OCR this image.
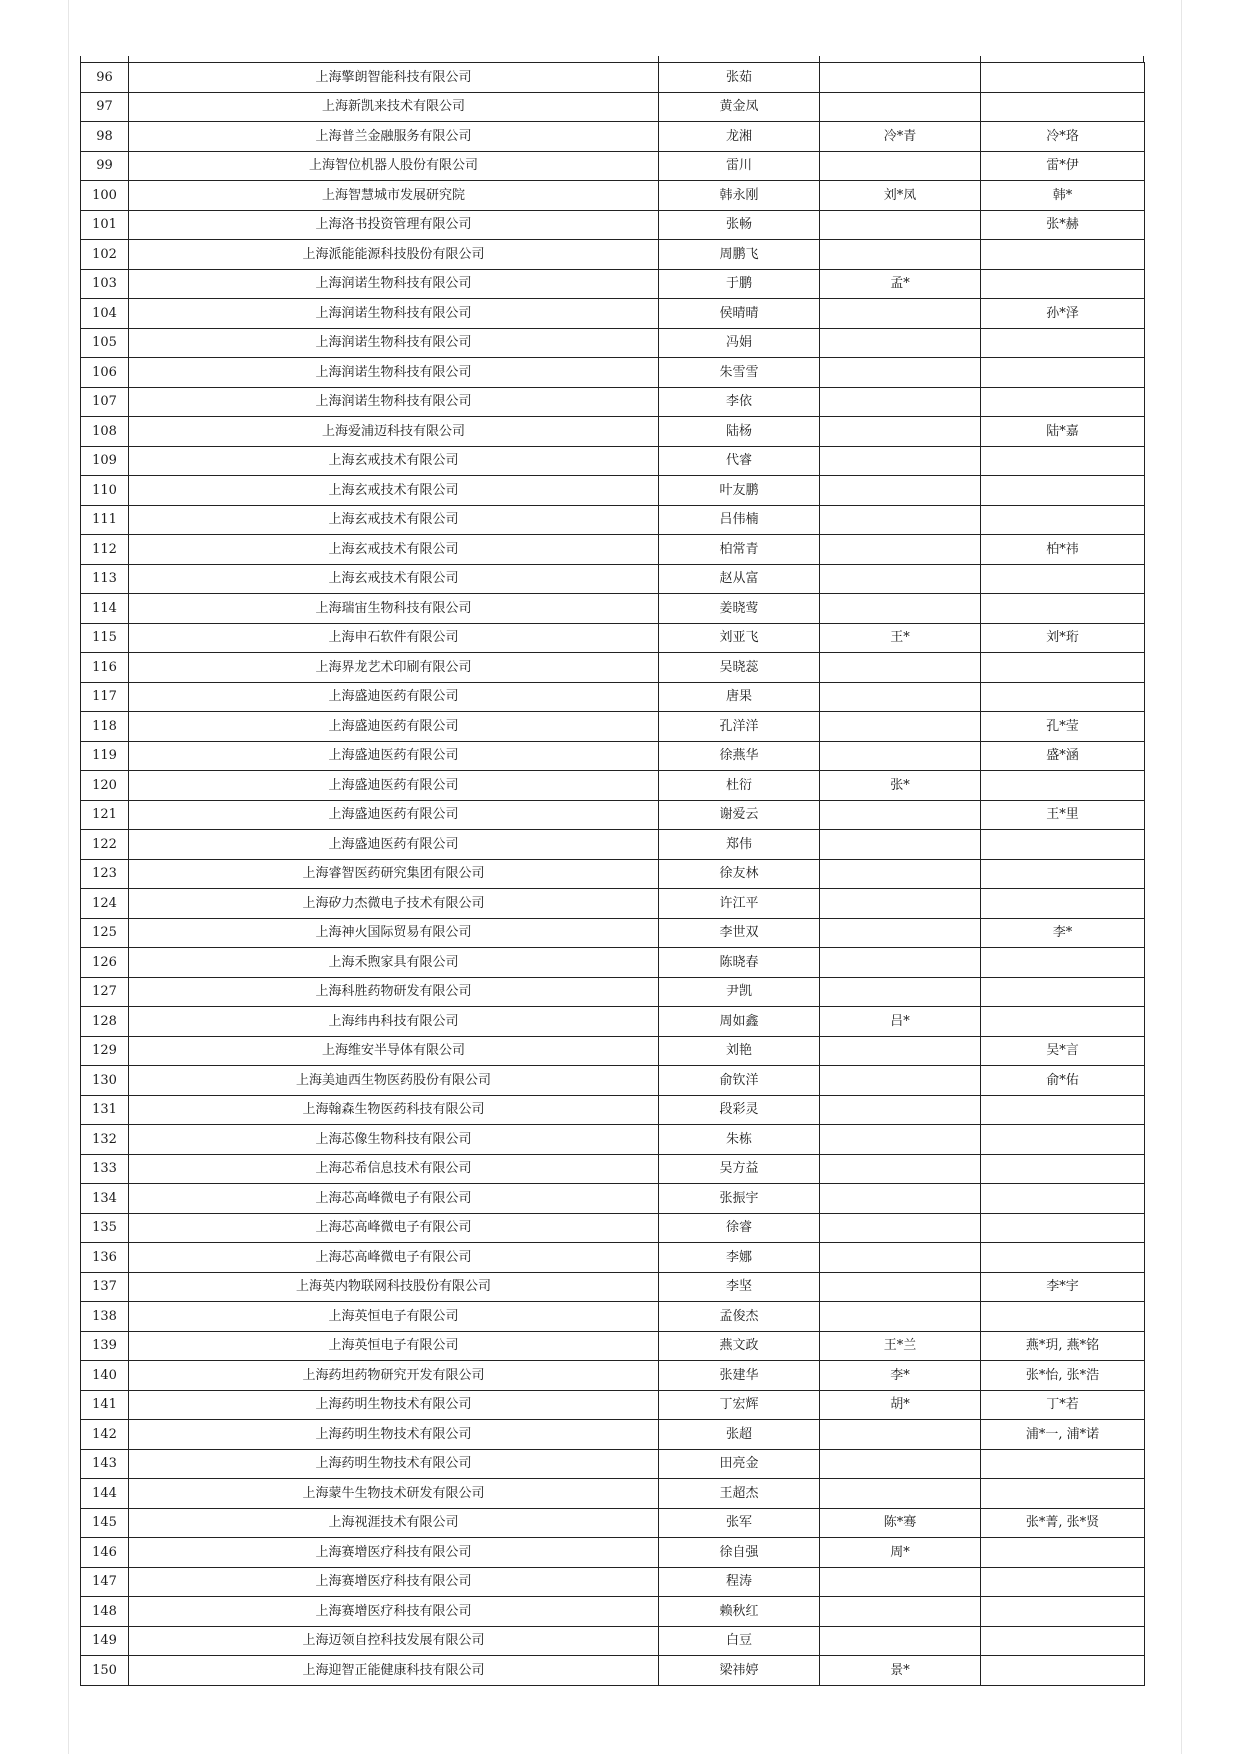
96	上海擎朗智能科技有限公司	张茹		
97	上海新凯来技术有限公司	黄金凤		
98	上海普兰金融服务有限公司	龙湘	冷*青	冷*珞
99	上海智位机器人股份有限公司	雷川		雷*伊
100	上海智慧城市发展研究院	韩永刚	刘*凤	韩*
101	上海洛书投资管理有限公司	张畅		张*赫
102	上海派能能源科技股份有限公司	周鹏飞		
103	上海润诺生物科技有限公司	于鹏	孟*	
104	上海润诺生物科技有限公司	侯晴晴		孙*泽
105	上海润诺生物科技有限公司	冯娟		
106	上海润诺生物科技有限公司	朱雪雪		
107	上海润诺生物科技有限公司	李依		
108	上海爱浦迈科技有限公司	陆杨		陆*嘉
109	上海玄戒技术有限公司	代睿		
110	上海玄戒技术有限公司	叶友鹏		
111	上海玄戒技术有限公司	吕伟楠		
112	上海玄戒技术有限公司	柏常青		柏*祎
113	上海玄戒技术有限公司	赵从富		
114	上海瑞宙生物科技有限公司	姜晓莺		
115	上海申石软件有限公司	刘亚飞	王*	刘*珩
116	上海界龙艺术印刷有限公司	吴晓蕊		
117	上海盛迪医药有限公司	唐果		
118	上海盛迪医药有限公司	孔洋洋		孔*莹
119	上海盛迪医药有限公司	徐燕华		盛*涵
120	上海盛迪医药有限公司	杜衍	张*	
121	上海盛迪医药有限公司	谢爱云		王*里
122	上海盛迪医药有限公司	郑伟		
123	上海睿智医药研究集团有限公司	徐友林		
124	上海矽力杰微电子技术有限公司	许江平		
125	上海神火国际贸易有限公司	李世双		李*
126	上海禾煦家具有限公司	陈晓春		
127	上海科胜药物研发有限公司	尹凯		
128	上海纬冉科技有限公司	周如鑫	吕*	
129	上海维安半导体有限公司	刘艳		吴*言
130	上海美迪西生物医药股份有限公司	俞钦洋		俞*佑
131	上海翰森生物医药科技有限公司	段彩灵		
132	上海芯像生物科技有限公司	朱栋		
133	上海芯希信息技术有限公司	吴方益		
134	上海芯高峰微电子有限公司	张振宇		
135	上海芯高峰微电子有限公司	徐睿		
136	上海芯高峰微电子有限公司	李娜		
137	上海英内物联网科技股份有限公司	李坚		李*宇
138	上海英恒电子有限公司	孟俊杰		
139	上海英恒电子有限公司	燕文政	王*兰	燕*玥, 燕*铭
140	上海药坦药物研究开发有限公司	张建华	李*	张*怡, 张*浩
141	上海药明生物技术有限公司	丁宏辉	胡*	丁*若
142	上海药明生物技术有限公司	张超		浦*一, 浦*诺
143	上海药明生物技术有限公司	田亮金		
144	上海蒙牛生物技术研发有限公司	王超杰		
145	上海视涯技术有限公司	张军	陈*骞	张*菁, 张*贤
146	上海赛增医疗科技有限公司	徐自强	周*	
147	上海赛增医疗科技有限公司	程涛		
148	上海赛增医疗科技有限公司	赖秋红		
149	上海迈领自控科技发展有限公司	白豆		
150	上海迎智正能健康科技有限公司	梁祎婷	景*	
